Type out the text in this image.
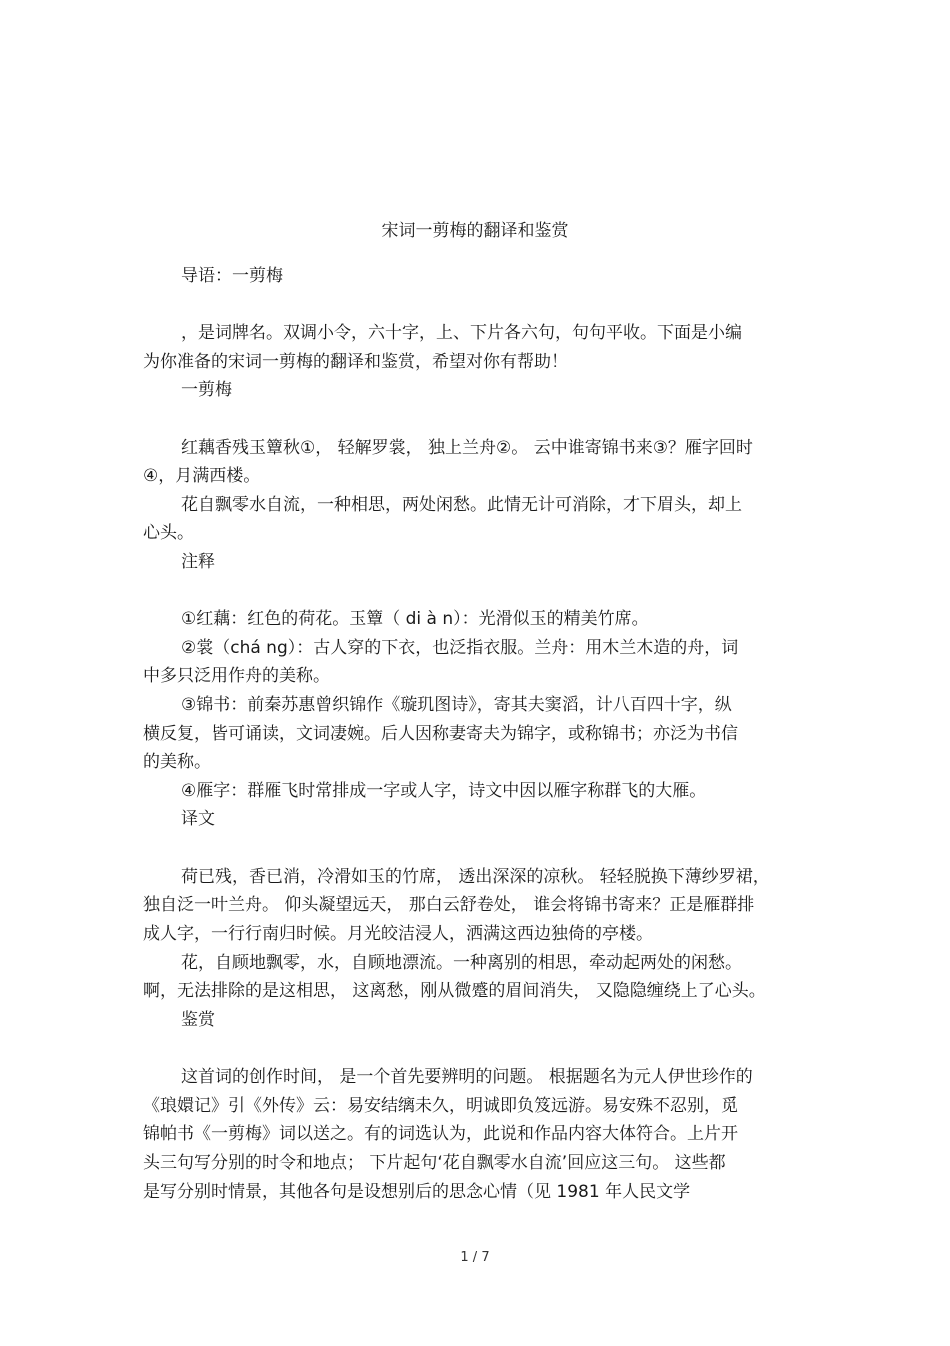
宋词一剪梅的翻译和鉴赏
导语：一剪梅
，是词牌名。双调小令，六十字，上、下片各六句，句句平收。下面是小编
为你准备的宋词一剪梅的翻译和鉴赏，希望对你有帮助！
一剪梅
红藕香残玉簟秋①， 轻解罗裳， 独上兰舟②。 云中谁寄锦书来③？雁字回时
④，月满西楼。
花自飘零水自流，一种相思，两处闲愁。此情无计可消除，才下眉头，却上
心头。
注释
①红藕：红色的荷花。玉簟（ di à n）：光滑似玉的精美竹席。
②裳（chá ng）：古人穿的下衣，也泛指衣服。兰舟：用木兰木造的舟，词
中多只泛用作舟的美称。
③锦书：前秦苏惠曾织锦作《璇玑图诗》，寄其夫窦滔，计八百四十字，纵
横反复，皆可诵读，文词凄婉。后人因称妻寄夫为锦字，或称锦书；亦泛为书信
的美称。
④雁字：群雁飞时常排成一字或人字，诗文中因以雁字称群飞的大雁。
译文
荷已残，香已消，冷滑如玉的竹席， 透出深深的凉秋。 轻轻脱换下薄纱罗裙，
独自泛一叶兰舟。 仰头凝望远天， 那白云舒卷处， 谁会将锦书寄来？正是雁群排
成人字，一行行南归时候。月光皎洁浸人，洒满这西边独倚的亭楼。
花，自顾地飘零，水，自顾地漂流。一种离别的相思，牵动起两处的闲愁。
啊，无法排除的是这相思， 这离愁，刚从微蹙的眉间消失， 又隐隐缠绕上了心头。
鉴赏
这首词的创作时间， 是一个首先要辨明的问题。 根据题名为元人伊世珍作的
《琅嬛记》引《外传》云：易安结缡未久，明诚即负笈远游。易安殊不忍别，觅
锦帕书《一剪梅》词以送之。有的词选认为，此说和作品内容大体符合。上片开
头三句写分别的时令和地点； 下片起句‘花自飘零水自流’回应这三句。 这些都
是写分别时情景，其他各句是设想别后的思念心情（见 1981 年人民文学
1 / 7
